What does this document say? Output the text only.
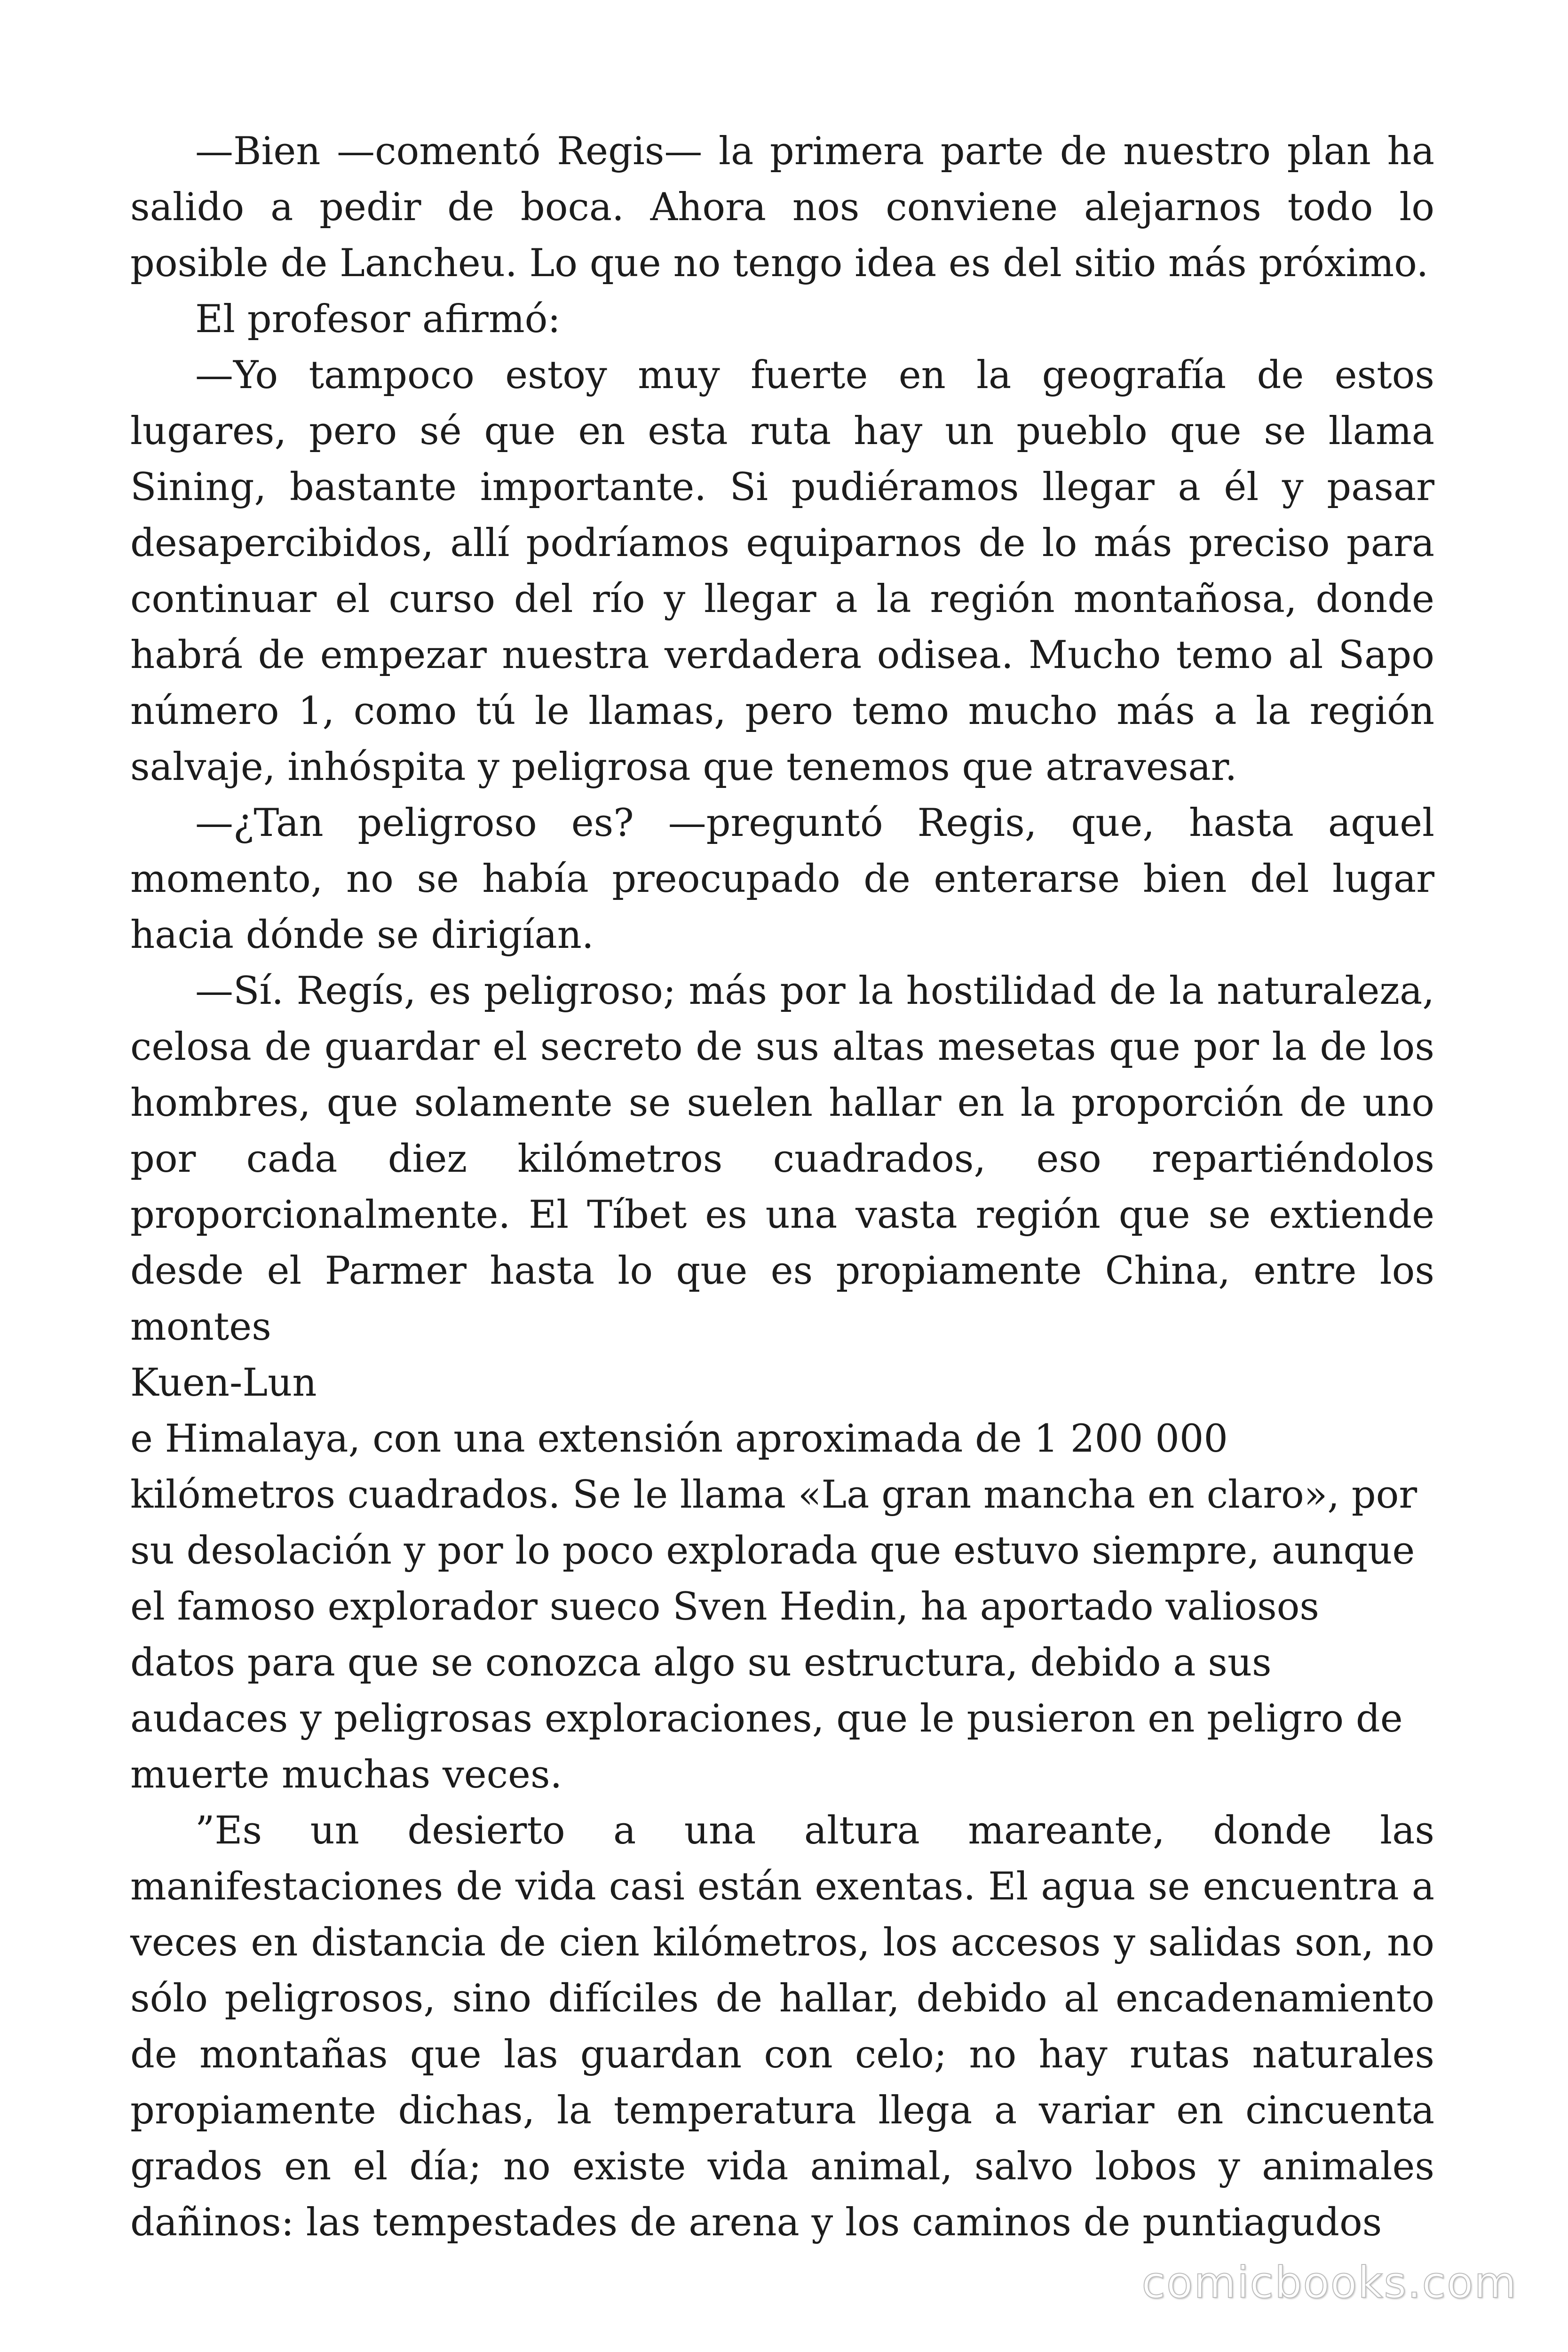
—Bien —comentó Regis— la primera parte de nuestro plan ha salido a pedir de boca. Ahora nos conviene alejarnos todo lo posible de Lancheu. Lo que no tengo idea es del sitio más próximo.

El profesor afirmó:

—Yo tampoco estoy muy fuerte en la geografía de estos lugares, pero sé que en esta ruta hay un pueblo que se llama Sining, bastante importante. Si pudiéramos llegar a él y pasar desapercibidos, allí podríamos equiparnos de lo más preciso para continuar el curso del río y llegar a la región montañosa, donde habrá de empezar nuestra verdadera odisea. Mucho temo al Sapo número 1, como tú le llamas, pero temo mucho más a la región salvaje, inhóspita y peligrosa que tenemos que atravesar.

—¿Tan peligroso es? —preguntó Regis, que, hasta aquel momento, no se había preocupado de enterarse bien del lugar hacia dónde se dirigían.

—Sí. Regís, es peligroso; más por la hostilidad de la naturaleza, celosa de guardar el secreto de sus altas mesetas que por la de los hombres, que solamente se suelen hallar en la proporción de uno por cada diez kilómetros cuadrados, eso repartiéndolos proporcionalmente. El Tíbet es una vasta región que se extiende desde el Parmer hasta lo que es propiamente China, entre los montes

Kuen-Lun

e Himalaya, con una extensión aproximada de 1 200 000 kilómetros cuadrados. Se le llama «La gran mancha en claro», por su desolación y por lo poco explorada que estuvo siempre, aunque el famoso explorador sueco Sven Hedin, ha aportado valiosos datos para que se conozca algo su estructura, debido a sus audaces y peligrosas exploraciones, que le pusieron en peligro de muerte muchas veces.

”Es un desierto a una altura mareante, donde las manifestaciones de vida casi están exentas. El agua se encuentra a veces en distancia de cien kilómetros, los accesos y salidas son, no sólo peligrosos, sino difíciles de hallar, debido al encadenamiento de montañas que las guardan con celo; no hay rutas naturales propiamente dichas, la temperatura llega a variar en cincuenta grados en el día; no existe vida animal, salvo lobos y animales dañinos: las tempestades de arena y los caminos de puntiagudos

comicbooks.com
